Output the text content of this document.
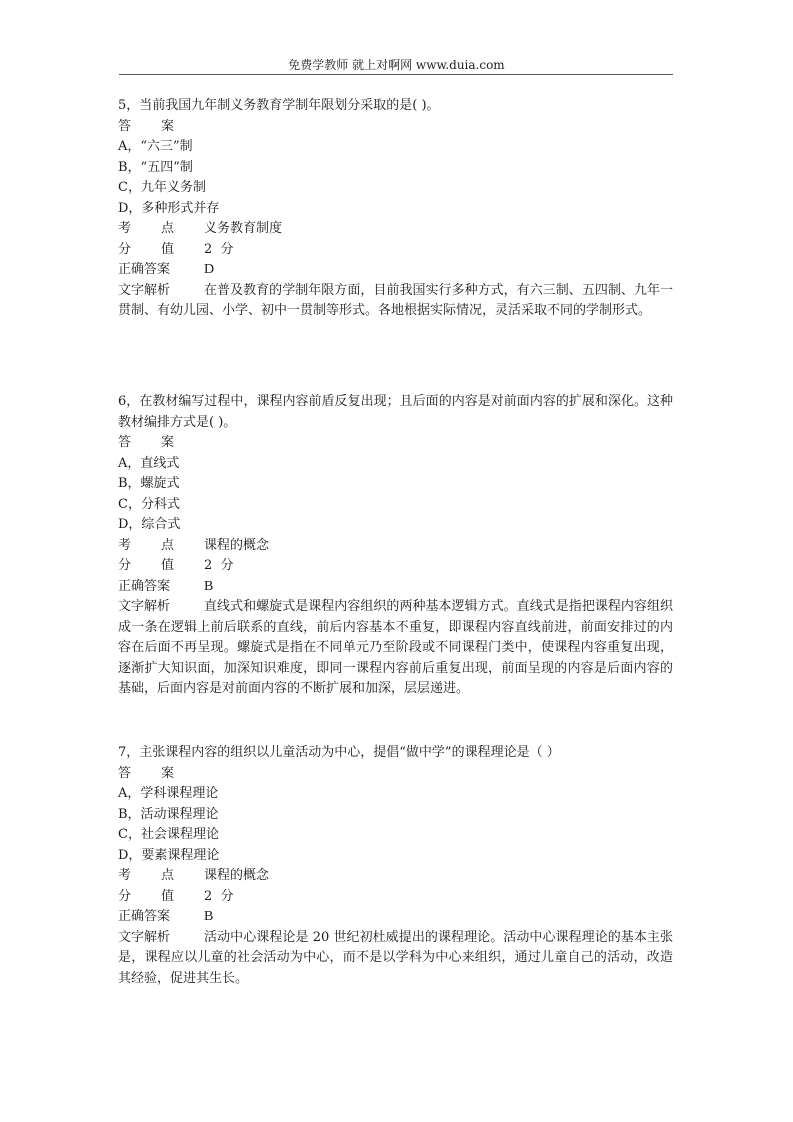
免费学教师 就上对啊网 www.duia.com
5，当前我国九年制义务教育学制年限划分采取的是( )。
答 案
A，“六三”制
B，“五四”制
C，九年义务制
D，多种形式并存
考 点 义务教育制度
分 值 2  分
正确答案 D
文字解析	在普及教育的学制年限方面，目前我国实行多种方式，有六三制、五四制、九年一贯制、有幼儿园、小学、初中一贯制等形式。各地根据实际情况，灵活采取不同的学制形式。
6，在教材编写过程中，课程内容前盾反复出现；且后面的内容是对前面内容的扩展和深化。这种教材编排方式是( )。
答 案
A，直线式
B，螺旋式
C，分科式
D，综合式
考 点 课程的概念
分 值 2  分
正确答案 B
文字解析	直线式和螺旋式是课程内容组织的两种基本逻辑方式。直线式是指把课程内容组织成一条在逻辑上前后联系的直线，前后内容基本不重复，即课程内容直线前进，前面安排过的内容在后面不再呈现。螺旋式是指在不同单元乃至阶段或不同课程门类中，使课程内容重复出现，逐渐扩大知识面，加深知识难度，即同一课程内容前后重复出现，前面呈现的内容是后面内容的基础，后面内容是对前面内容的不断扩展和加深，层层递进。
7，主张课程内容的组织以儿童活动为中心，提倡“做中学”的课程理论是（ ）
答 案
A，学科课程理论
B，活动课程理论
C，社会课程理论
D，要素课程理论
考 点 课程的概念
分 值 2  分
正确答案 B
文字解析	活动中心课程论是 20 世纪初杜威提出的课程理论。活动中心课程理论的基本主张是，课程应以儿童的社会活动为中心，而不是以学科为中心来组织，通过儿童自己的活动，改造其经验，促进其生长。
